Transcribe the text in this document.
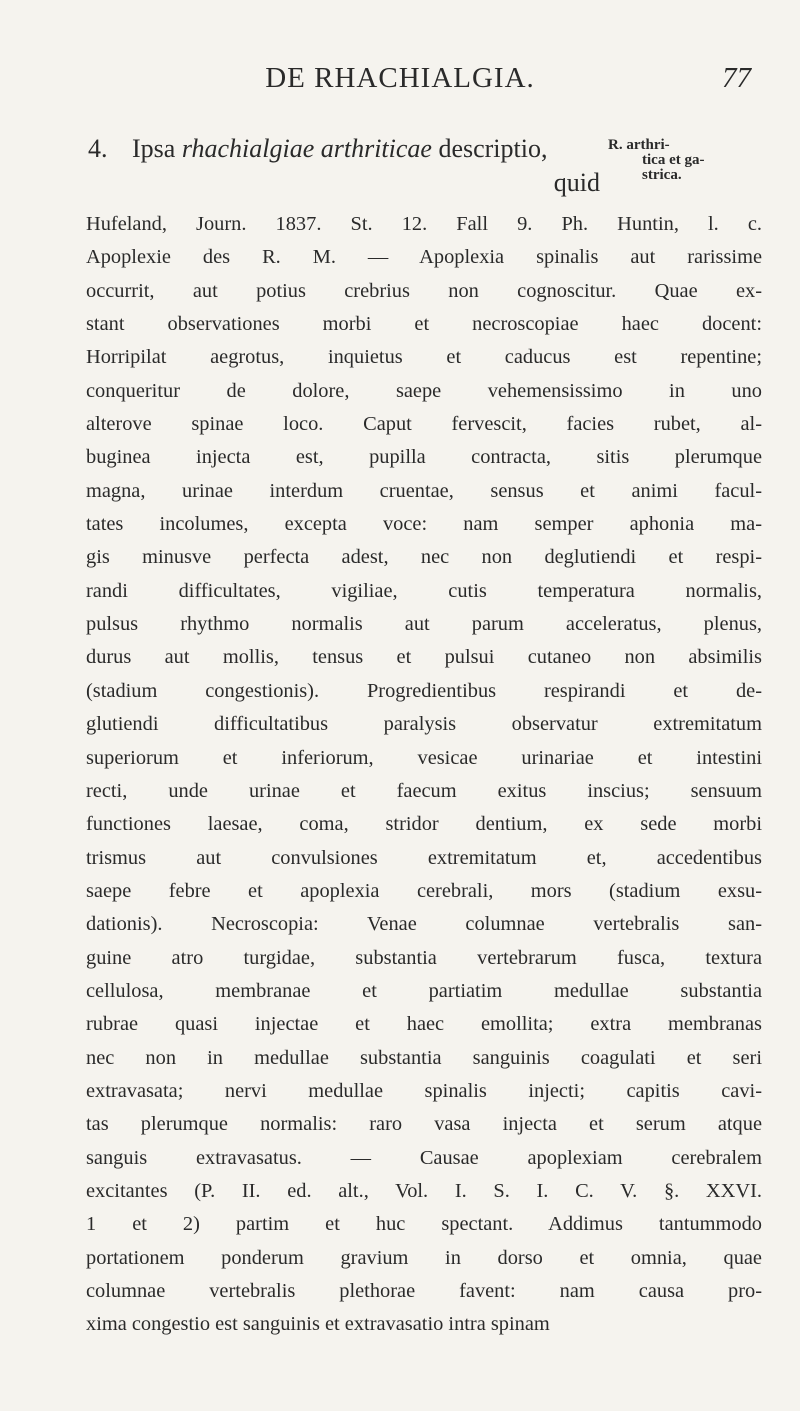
DE RHACHIALGIA.	77
4. Ipsa rhachialgiae arthriticae descriptio,
quid
R. arthri-
tica et ga-
strica.
Hufeland, Journ. 1837. St. 12. Fall 9. Ph. Huntin, l. c.
Apoplexie des R. M. — Apoplexia spinalis aut rarissime
occurrit, aut potius crebrius non cognoscitur. Quae ex-
stant observationes morbi et necroscopiae haec docent:
Horripilat aegrotus, inquietus et caducus est repentine;
conqueritur de dolore, saepe vehemensissimo in uno
alterove spinae loco. Caput fervescit, facies rubet, al-
buginea injecta est, pupilla contracta, sitis plerumque
magna, urinae interdum cruentae, sensus et animi facul-
tates incolumes, excepta voce: nam semper aphonia ma-
gis minusve perfecta adest, nec non deglutiendi et respi-
randi difficultates, vigiliae, cutis temperatura normalis,
pulsus rhythmo normalis aut parum acceleratus, plenus,
durus aut mollis, tensus et pulsui cutaneo non absimilis
(stadium congestionis). Progredientibus respirandi et de-
glutiendi difficultatibus paralysis observatur extremitatum
superiorum et inferiorum, vesicae urinariae et intestini
recti, unde urinae et faecum exitus inscius; sensuum
functiones laesae, coma, stridor dentium, ex sede morbi
trismus aut convulsiones extremitatum et, accedentibus
saepe febre et apoplexia cerebrali, mors (stadium exsu-
dationis). Necroscopia: Venae columnae vertebralis san-
guine atro turgidae, substantia vertebrarum fusca, textura
cellulosa, membranae et partiatim medullae substantia
rubrae quasi injectae et haec emollita; extra membranas
nec non in medullae substantia sanguinis coagulati et seri
extravasata; nervi medullae spinalis injecti; capitis cavi-
tas plerumque normalis: raro vasa injecta et serum atque
sanguis extravasatus. — Causae apoplexiam cerebralem
excitantes (P. II. ed. alt., Vol. I. S. I. C. V. §. XXVI.
1 et 2) partim et huc spectant. Addimus tantummodo
portationem ponderum gravium in dorso et omnia, quae
columnae vertebralis plethorae favent: nam causa pro-
xima congestio est sanguinis et extravasatio intra spinam
